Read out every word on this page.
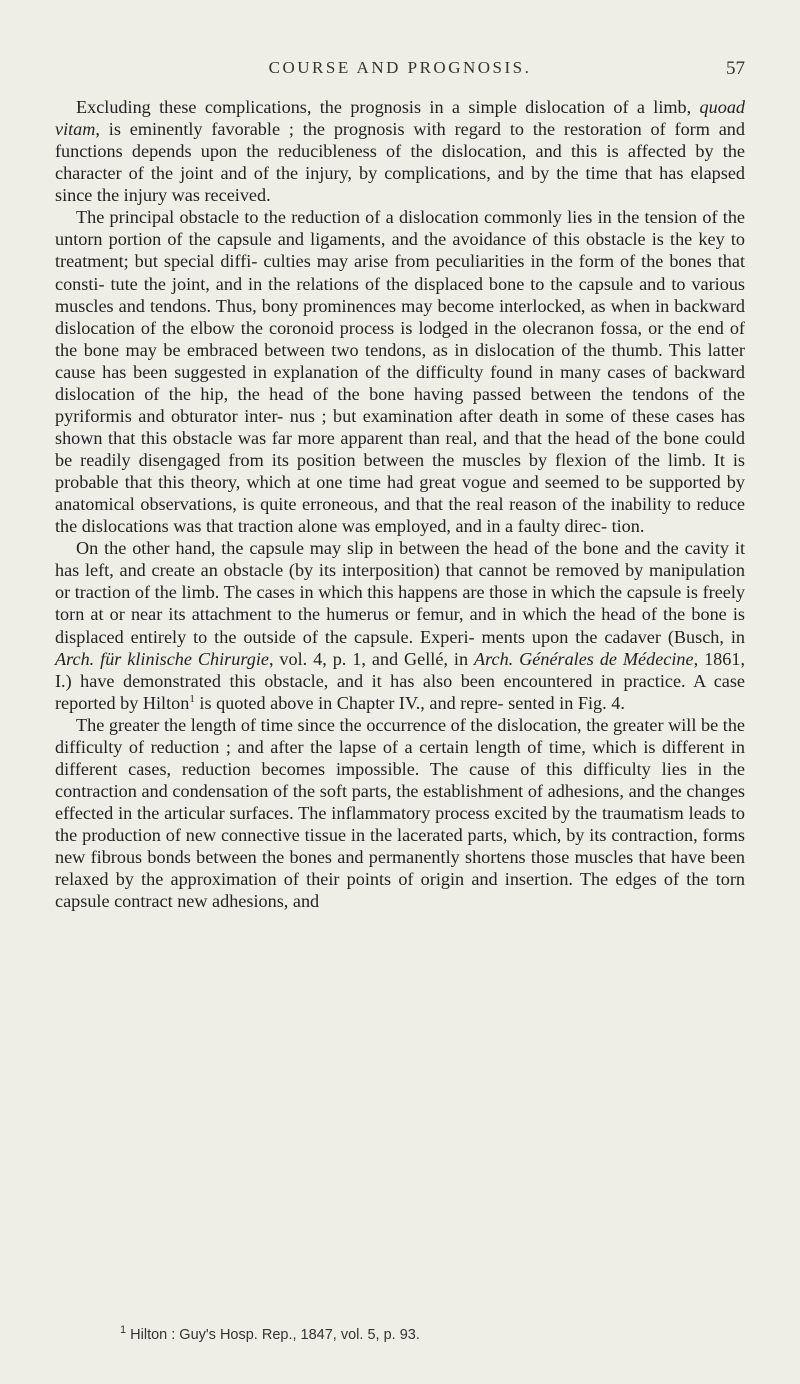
COURSE AND PROGNOSIS.	57

Excluding these complications, the prognosis in a simple dislocation of a limb, quoad vitam, is eminently favorable ; the prognosis with regard to the restoration of form and functions depends upon the reducibleness of the dislocation, and this is affected by the character of the joint and of the injury, by complications, and by the time that has elapsed since the injury was received.

The principal obstacle to the reduction of a dislocation commonly lies in the tension of the untorn portion of the capsule and ligaments, and the avoidance of this obstacle is the key to treatment; but special diffi- culties may arise from peculiarities in the form of the bones that consti- tute the joint, and in the relations of the displaced bone to the capsule and to various muscles and tendons. Thus, bony prominences may become interlocked, as when in backward dislocation of the elbow the coronoid process is lodged in the olecranon fossa, or the end of the bone may be embraced between two tendons, as in dislocation of the thumb. This latter cause has been suggested in explanation of the difficulty found in many cases of backward dislocation of the hip, the head of the bone having passed between the tendons of the pyriformis and obturator inter- nus ; but examination after death in some of these cases has shown that this obstacle was far more apparent than real, and that the head of the bone could be readily disengaged from its position between the muscles by flexion of the limb. It is probable that this theory, which at one time had great vogue and seemed to be supported by anatomical observations, is quite erroneous, and that the real reason of the inability to reduce the dislocations was that traction alone was employed, and in a faulty direc- tion.

On the other hand, the capsule may slip in between the head of the bone and the cavity it has left, and create an obstacle (by its interposition) that cannot be removed by manipulation or traction of the limb. The cases in which this happens are those in which the capsule is freely torn at or near its attachment to the humerus or femur, and in which the head of the bone is displaced entirely to the outside of the capsule. Experi- ments upon the cadaver (Busch, in Arch. für klinische Chirurgie, vol. 4, p. 1, and Gellé, in Arch. Générales de Médecine, 1861, I.) have demonstrated this obstacle, and it has also been encountered in practice. A case reported by Hilton$^1$ is quoted above in Chapter IV., and repre- sented in Fig. 4.

The greater the length of time since the occurrence of the dislocation, the greater will be the difficulty of reduction ; and after the lapse of a certain length of time, which is different in different cases, reduction becomes impossible. The cause of this difficulty lies in the contraction and condensation of the soft parts, the establishment of adhesions, and the changes effected in the articular surfaces. The inflammatory process excited by the traumatism leads to the production of new connective tissue in the lacerated parts, which, by its contraction, forms new fibrous bonds between the bones and permanently shortens those muscles that have been relaxed by the approximation of their points of origin and insertion. The edges of the torn capsule contract new adhesions, and

$^1$ Hilton : Guy's Hosp. Rep., 1847, vol. 5, p. 93.
